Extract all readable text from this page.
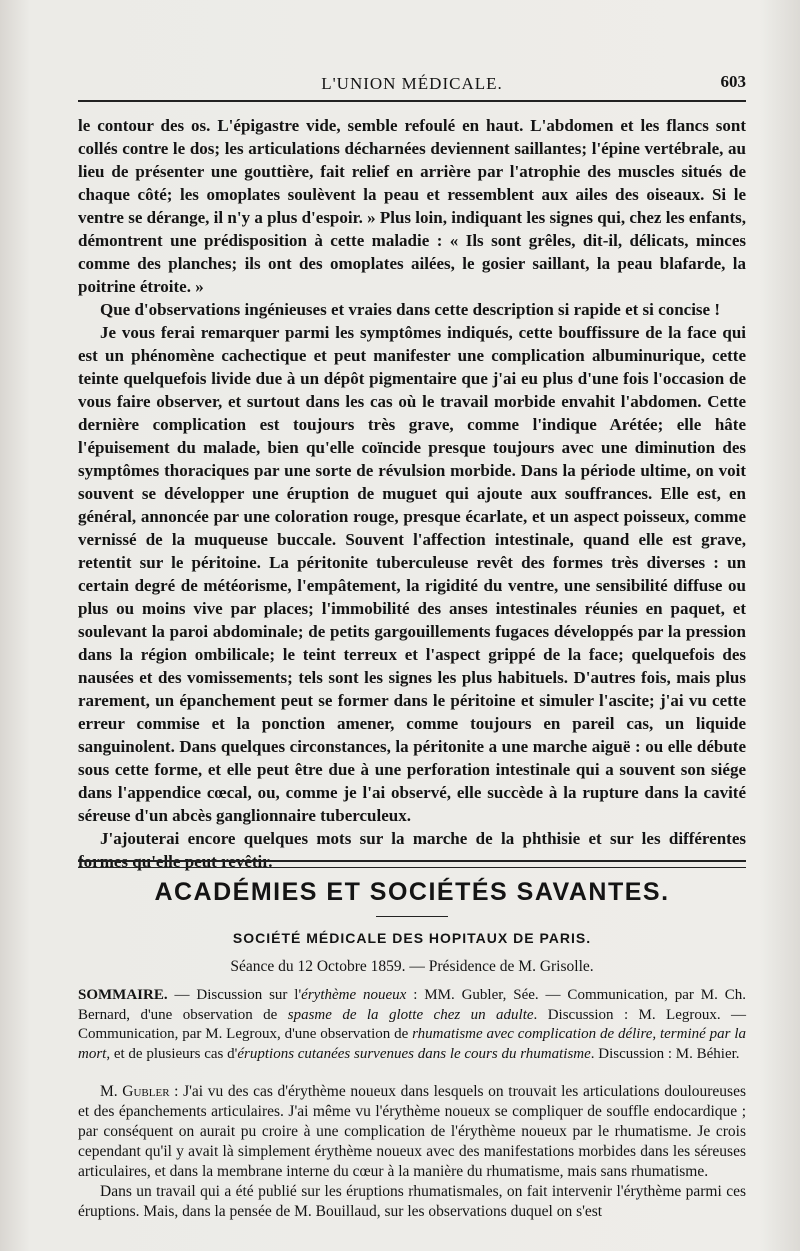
L'UNION MÉDICALE.	603

le contour des os. L'épigastre vide, semble refoulé en haut. L'abdomen et les flancs sont collés contre le dos; les articulations décharnées deviennent saillantes; l'épine vertébrale, au lieu de présenter une gouttière, fait relief en arrière par l'atrophie des muscles situés de chaque côté; les omoplates soulèvent la peau et ressemblent aux ailes des oiseaux. Si le ventre se dérange, il n'y a plus d'espoir. » Plus loin, indiquant les signes qui, chez les enfants, démontrent une prédisposition à cette maladie : « Ils sont grêles, dit-il, délicats, minces comme des planches; ils ont des omoplates ailées, le gosier saillant, la peau blafarde, la poitrine étroite. »

Que d'observations ingénieuses et vraies dans cette description si rapide et si concise !

Je vous ferai remarquer parmi les symptômes indiqués, cette bouffissure de la face qui est un phénomène cachectique et peut manifester une complication albuminurique, cette teinte quelquefois livide due à un dépôt pigmentaire que j'ai eu plus d'une fois l'occasion de vous faire observer, et surtout dans les cas où le travail morbide envahit l'abdomen. Cette dernière complication est toujours très grave, comme l'indique Arétée; elle hâte l'épuisement du malade, bien qu'elle coïncide presque toujours avec une diminution des symptômes thoraciques par une sorte de révulsion morbide. Dans la période ultime, on voit souvent se développer une éruption de muguet qui ajoute aux souffrances. Elle est, en général, annoncée par une coloration rouge, presque écarlate, et un aspect poisseux, comme vernissé de la muqueuse buccale. Souvent l'affection intestinale, quand elle est grave, retentit sur le péritoine. La péritonite tuberculeuse revêt des formes très diverses : un certain degré de météorisme, l'empâtement, la rigidité du ventre, une sensibilité diffuse ou plus ou moins vive par places; l'immobilité des anses intestinales réunies en paquet, et soulevant la paroi abdominale; de petits gargouillements fugaces développés par la pression dans la région ombilicale; le teint terreux et l'aspect grippé de la face; quelquefois des nausées et des vomissements; tels sont les signes les plus habituels. D'autres fois, mais plus rarement, un épanchement peut se former dans le péritoine et simuler l'ascite; j'ai vu cette erreur commise et la ponction amener, comme toujours en pareil cas, un liquide sanguinolent. Dans quelques circonstances, la péritonite a une marche aiguë : ou elle débute sous cette forme, et elle peut être due à une perforation intestinale qui a souvent son siége dans l'appendice cœcal, ou, comme je l'ai observé, elle succède à la rupture dans la cavité séreuse d'un abcès ganglionnaire tuberculeux.

J'ajouterai encore quelques mots sur la marche de la phthisie et sur les différentes formes qu'elle peut revêtir.

ACADÉMIES ET SOCIÉTÉS SAVANTES.
SOCIÉTÉ MÉDICALE DES HOPITAUX DE PARIS.
Séance du 12 Octobre 1859. — Présidence de M. Grisolle.
SOMMAIRE. — Discussion sur l'érythème noueux : MM. Gubler, Sée. — Communication, par M. Ch. Bernard, d'une observation de spasme de la glotte chez un adulte. Discussion : M. Legroux. — Communication, par M. Legroux, d'une observation de rhumatisme avec complication de délire, terminé par la mort, et de plusieurs cas d'éruptions cutanées survenues dans le cours du rhumatisme. Discussion : M. Béhier.

M. Gubler : J'ai vu des cas d'érythème noueux dans lesquels on trouvait les articulations douloureuses et des épanchements articulaires. J'ai même vu l'érythème noueux se compliquer de souffle endocardique ; par conséquent on aurait pu croire à une complication de l'érythème noueux par le rhumatisme. Je crois cependant qu'il y avait là simplement érythème noueux avec des manifestations morbides dans les séreuses articulaires, et dans la membrane interne du cœur à la manière du rhumatisme, mais sans rhumatisme.

Dans un travail qui a été publié sur les éruptions rhumatismales, on fait intervenir l'érythème parmi ces éruptions. Mais, dans la pensée de M. Bouillaud, sur les observations duquel on s'est
